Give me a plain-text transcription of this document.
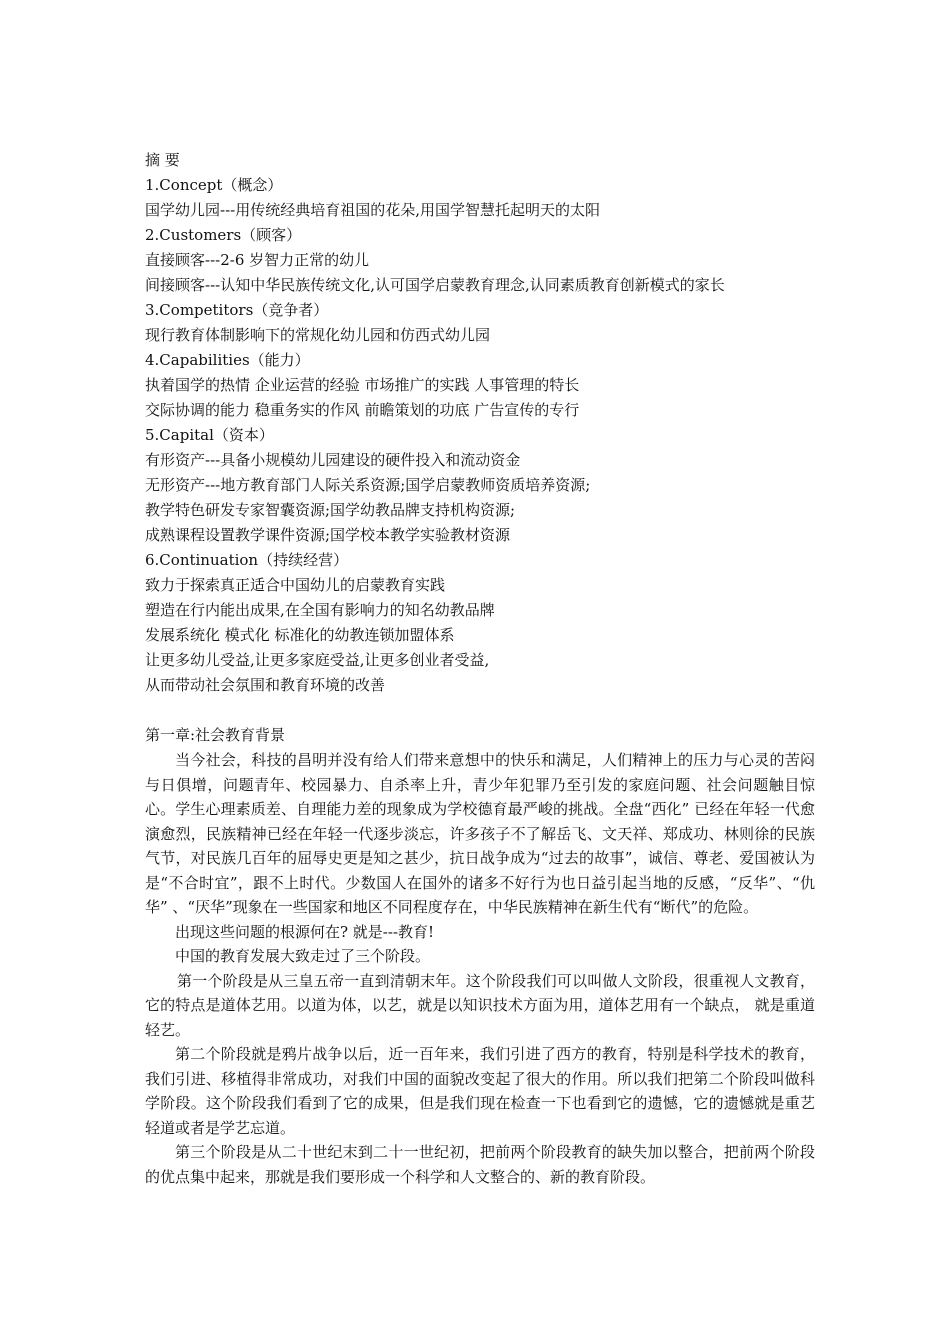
摘 要
1.Concept（概念）
国学幼儿园---用传统经典培育祖国的花朵,用国学智慧托起明天的太阳
2.Customers（顾客）
直接顾客---2-6 岁智力正常的幼儿
间接顾客---认知中华民族传统文化,认可国学启蒙教育理念,认同素质教育创新模式的家长
3.Competitors（竞争者）
现行教育体制影响下的常规化幼儿园和仿西式幼儿园
4.Capabilities（能力）
执着国学的热情 企业运营的经验 市场推广的实践 人事管理的特长
交际协调的能力 稳重务实的作风 前瞻策划的功底 广告宣传的专行
5.Capital（资本）
有形资产---具备小规模幼儿园建设的硬件投入和流动资金
无形资产---地方教育部门人际关系资源;国学启蒙教师资质培养资源;
教学特色研发专家智囊资源;国学幼教品牌支持机构资源;
成熟课程设置教学课件资源;国学校本教学实验教材资源
6.Continuation（持续经营）
致力于探索真正适合中国幼儿的启蒙教育实践
塑造在行内能出成果,在全国有影响力的知名幼教品牌
发展系统化 模式化 标准化的幼教连锁加盟体系
让更多幼儿受益,让更多家庭受益,让更多创业者受益,
从而带动社会氛围和教育环境的改善
第一章:社会教育背景
当今社会，科技的昌明并没有给人们带来意想中的快乐和满足，人们精神上的压力与心灵的苦闷与日俱增，问题青年、校园暴力、自杀率上升，青少年犯罪乃至引发的家庭问题、社会问题触目惊心。学生心理素质差、自理能力差的现象成为学校德育最严峻的挑战。全盘“西化” 已经在年轻一代愈演愈烈，民族精神已经在年轻一代逐步淡忘，许多孩子不了解岳飞、文天祥、郑成功、林则徐的民族气节，对民族几百年的屈辱史更是知之甚少，抗日战争成为“过去的故事”，诚信、尊老、爱国被认为是“不合时宜”，跟不上时代。少数国人在国外的诸多不好行为也日益引起当地的反感，“反华”、“仇华” 、“厌华”现象在一些国家和地区不同程度存在，中华民族精神在新生代有“断代”的危险。
出现这些问题的根源何在? 就是---教育!
中国的教育发展大致走过了三个阶段。
第一个阶段是从三皇五帝一直到清朝末年。这个阶段我们可以叫做人文阶段，很重视人文教育，它的特点是道体艺用。以道为体，以艺，就是以知识技术方面为用，道体艺用有一个缺点， 就是重道轻艺。
第二个阶段就是鸦片战争以后，近一百年来，我们引进了西方的教育，特别是科学技术的教育，我们引进、移植得非常成功，对我们中国的面貌改变起了很大的作用。所以我们把第二个阶段叫做科学阶段。这个阶段我们看到了它的成果，但是我们现在检查一下也看到它的遗憾，它的遗憾就是重艺轻道或者是学艺忘道。
第三个阶段是从二十世纪末到二十一世纪初，把前两个阶段教育的缺失加以整合，把前两个阶段的优点集中起来，那就是我们要形成一个科学和人文整合的、新的教育阶段。
